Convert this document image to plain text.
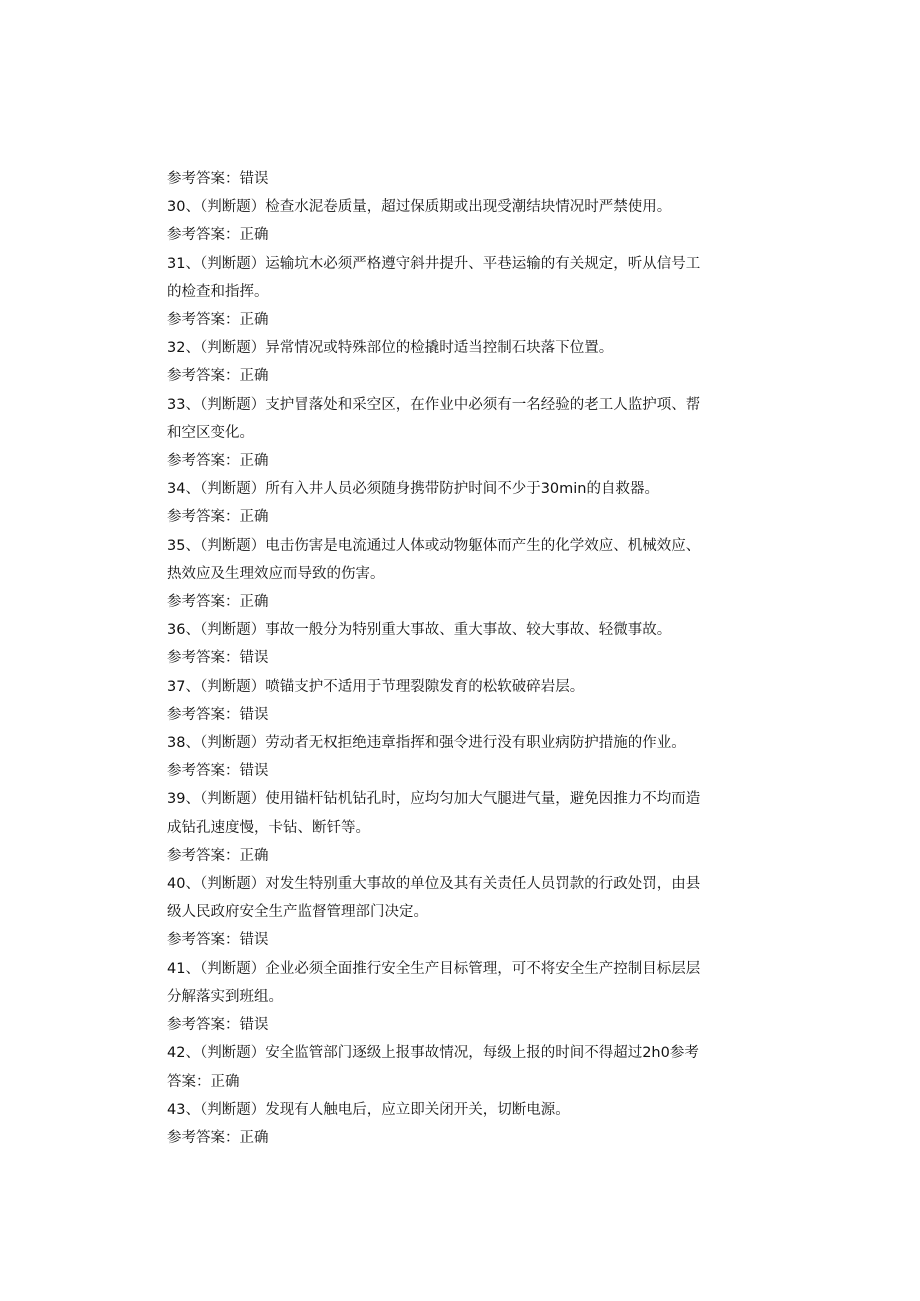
参考答案：错误
30、（判断题）检查水泥卷质量，超过保质期或出现受潮结块情况时严禁使用。
参考答案：正确
31、（判断题）运输坑木必须严格遵守斜井提升、平巷运输的有关规定，听从信号工
的检查和指挥。
参考答案：正确
32、（判断题）异常情况或特殊部位的检撬时适当控制石块落下位置。
参考答案：正确
33、（判断题）支护冒落处和采空区，在作业中必须有一名经验的老工人监护项、帮
和空区变化。
参考答案：正确
34、（判断题）所有入井人员必须随身携带防护时间不少于30min的自救器。
参考答案：正确
35、（判断题）电击伤害是电流通过人体或动物躯体而产生的化学效应、机械效应、
热效应及生理效应而导致的伤害。
参考答案：正确
36、（判断题）事故一般分为特别重大事故、重大事故、较大事故、轻微事故。
参考答案：错误
37、（判断题）喷锚支护不适用于节理裂隙发育的松软破碎岩层。
参考答案：错误
38、（判断题）劳动者无权拒绝违章指挥和强令进行没有职业病防护措施的作业。
参考答案：错误
39、（判断题）使用锚杆钻机钻孔时，应均匀加大气腿进气量，避免因推力不均而造
成钻孔速度慢，卡钻、断钎等。
参考答案：正确
40、（判断题）对发生特别重大事故的单位及其有关责任人员罚款的行政处罚，由县
级人民政府安全生产监督管理部门决定。
参考答案：错误
41、（判断题）企业必须全面推行安全生产目标管理，可不将安全生产控制目标层层
分解落实到班组。
参考答案：错误
42、（判断题）安全监管部门逐级上报事故情况，每级上报的时间不得超过2h0参考
答案：正确
43、（判断题）发现有人触电后，应立即关闭开关，切断电源。
参考答案：正确
